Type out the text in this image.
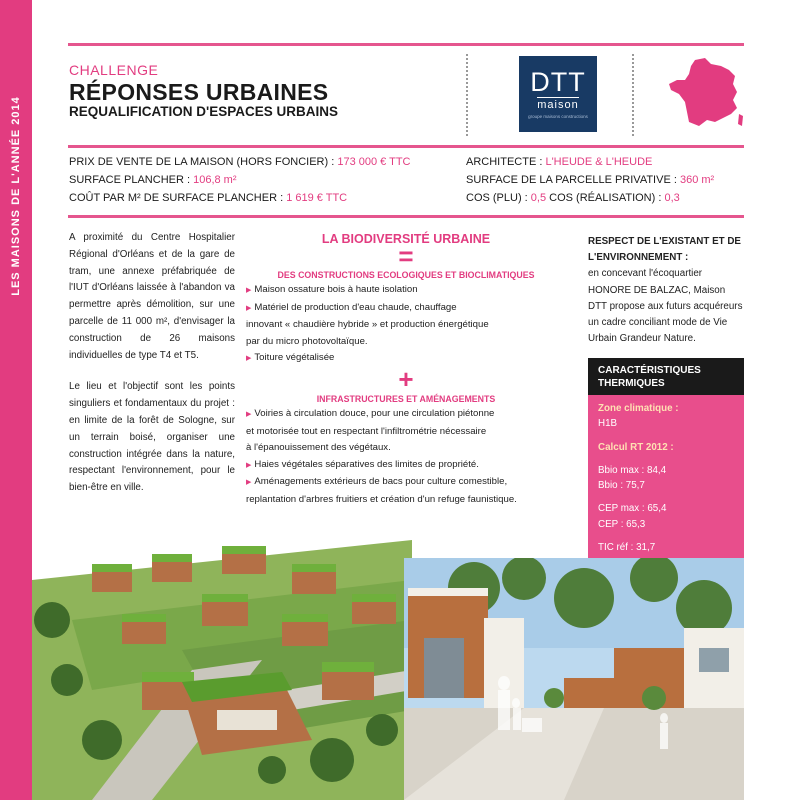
LES MAISONS DE L'ANNÉE 2014
CHALLENGE
RÉPONSES URBAINES
REQUALIFICATION D'ESPACES URBAINS
DTT
maison
groupe maisons constructions
PRIX DE VENTE DE LA MAISON (HORS FONCIER) : 173 000 € TTC
SURFACE PLANCHER : 106,8 m²
COÛT PAR M² DE SURFACE PLANCHER : 1 619 € TTC
ARCHITECTE : L'HEUDE & L'HEUDE
SURFACE DE LA PARCELLE PRIVATIVE : 360 m²
COS (PLU) : 0,5 COS (RÉALISATION) : 0,3

A proximité du Centre Hospitalier Régional d'Orléans et de la gare de tram, une annexe préfabriquée de l'IUT d'Orléans laissée à l'abandon va permettre après démolition, sur une parcelle de 11 000 m², d'envisager la construction de 26 maisons individuelles de type T4 et T5.

Le lieu et l'objectif sont les points singuliers et fondamentaux du projet : en limite de la forêt de Sologne, sur un terrain boisé, organiser une construction intégrée dans la nature, respectant l'environnement, pour le bien-être en ville.

LA BIODIVERSITÉ URBAINE
=
DES CONSTRUCTIONS ECOLOGIQUES ET BIOCLIMATIQUES
▶ Maison ossature bois à haute isolation
▶ Matériel de production d'eau chaude, chauffage
innovant « chaudière hybride » et production énergétique
par du micro photovoltaïque.
▶ Toiture végétalisée
+
INFRASTRUCTURES ET AMÉNAGEMENTS
▶ Voiries à circulation douce, pour une circulation piétonne
et motorisée tout en respectant l'infiltrométrie nécessaire
à l'épanouissement des végétaux.
▶ Haies végétales séparatives des limites de propriété.
▶ Aménagements extérieurs de bacs pour culture comestible,
replantation d'arbres fruitiers et création d'un refuge faunistique.
RESPECT DE L'EXISTANT ET DE L'ENVIRONNEMENT :
en concevant l'écoquartier HONORE DE BALZAC, Maison DTT propose aux futurs acquéreurs un cadre conciliant mode de Vie Urbain Grandeur Nature.
CARACTÉRISTIQUES THERMIQUES
Zone climatique :
H1B
Calcul RT 2012 :
Bbio max : 84,4
Bbio : 75,7
CEP max : 65,4
CEP : 65,3
TIC réf : 31,7
